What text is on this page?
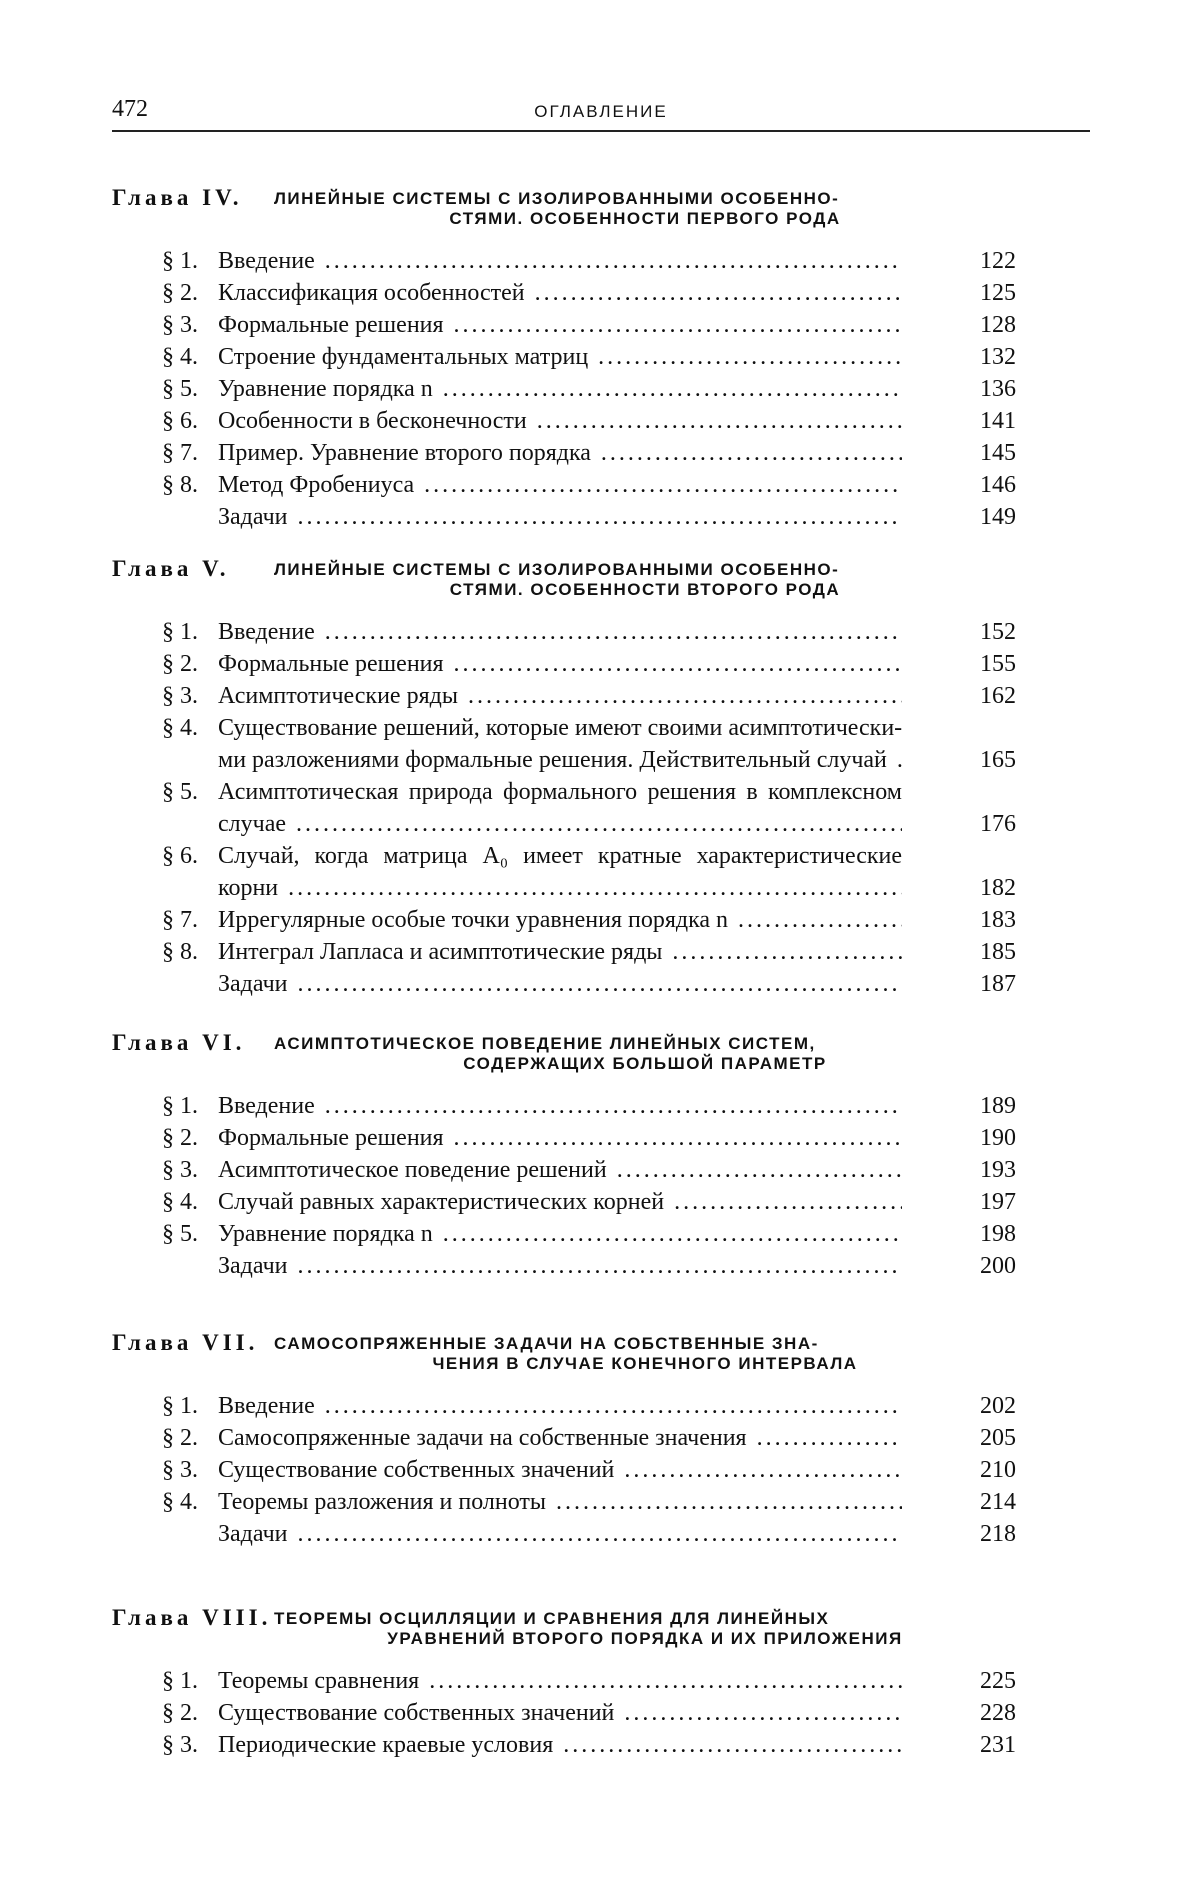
472	ОГЛАВЛЕНИЕ
Глава IV. ЛИНЕЙНЫЕ СИСТЕМЫ С ИЗОЛИРОВАННЫМИ ОСОБЕННО-
СТЯМИ. ОСОБЕННОСТИ ПЕРВОГО РОДА
§ 1. Введение .....	122
§ 2. Классификация особенностей .....	125
§ 3. Формальные решения .....	128
§ 4. Строение фундаментальных матриц .....	132
§ 5. Уравнение порядка n .....	136
§ 6. Особенности в бесконечности .....	141
§ 7. Пример. Уравнение второго порядка .....	145
§ 8. Метод Фробениуса .....	146
Задачи .....	149
Глава V.	ЛИНЕЙНЫЕ СИСТЕМЫ С ИЗОЛИРОВАННЫМИ ОСОБЕННО-
СТЯМИ. ОСОБЕННОСТИ ВТОРОГО РОДА
§ 1. Введение .....	152
§ 2. Формальные решения .....	155
§ 3. Асимптотические ряды .....	162
§ 4. Существование решений, которые имеют своими асимптотически-
ми разложениями формальные решения. Действительный случай .....	165
§ 5. Асимптотическая природа формального решения в комплексном
случае .....	176
§ 6. Случай, когда матрица A₀ имеет кратные характеристические
корни .....	182
§ 7. Иррегулярные особые точки уравнения порядка n .....	183
§ 8. Интеграл Лапласа и асимптотические ряды .....	185
Задачи .....	187
Глава VI. АСИМПТОТИЧЕСКОЕ ПОВЕДЕНИЕ ЛИНЕЙНЫХ СИСТЕМ,
СОДЕРЖАЩИХ БОЛЬШОЙ ПАРАМЕТР
§ 1. Введение .....	189
§ 2. Формальные решения .....	190
§ 3. Асимптотическое поведение решений .....	193
§ 4. Случай равных характеристических корней .....	197
§ 5. Уравнение порядка n .....	198
Задачи .....	200
Глава VII. САМОСОПРЯЖЕННЫЕ ЗАДАЧИ НА СОБСТВЕННЫЕ ЗНА-
ЧЕНИЯ В СЛУЧАЕ КОНЕЧНОГО ИНТЕРВАЛА
§ 1. Введение .....	202
§ 2. Самосопряженные задачи на собственные значения .....	205
§ 3. Существование собственных значений .....	210
§ 4. Теоремы разложения и полноты .....	214
Задачи .....	218
Глава VIII. ТЕОРЕМЫ ОСЦИЛЛЯЦИИ И СРАВНЕНИЯ ДЛЯ ЛИНЕЙНЫХ
УРАВНЕНИЙ ВТОРОГО ПОРЯДКА И ИХ ПРИЛОЖЕНИЯ
§ 1. Теоремы сравнения .....	225
§ 2. Существование собственных значений .....	228
§ 3. Периодические краевые условия .....	231
